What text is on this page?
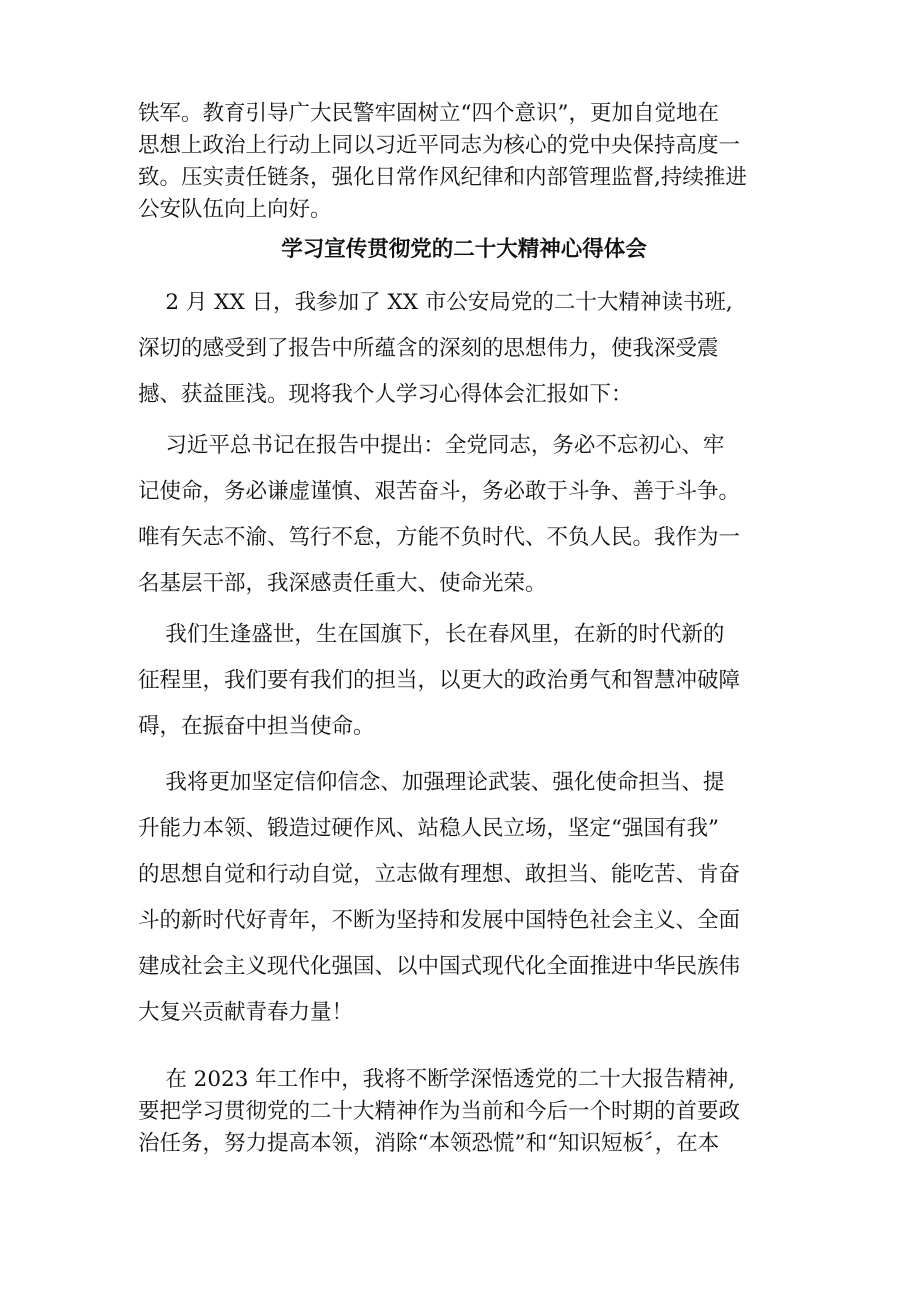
铁军。教育引导广大民警牢固树立“四个意识”，更加自觉地在
思想上政治上行动上同以习近平同志为核心的党中央保持高度一
致。压实责任链条，强化日常作风纪律和内部管理监督,持续推进
公安队伍向上向好。

学习宣传贯彻党的二十大精神心得体会

2 月 XX 日，我参加了 XX 市公安局党的二十大精神读书班,
深切的感受到了报告中所蕴含的深刻的思想伟力，使我深受震
撼、获益匪浅。现将我个人学习心得体会汇报如下：

习近平总书记在报告中提出：全党同志，务必不忘初心、牢
记使命，务必谦虚谨慎、艰苦奋斗，务必敢于斗争、善于斗争。
唯有矢志不渝、笃行不怠，方能不负时代、不负人民。我作为一
名基层干部，我深感责任重大、使命光荣。

我们生逢盛世，生在国旗下，长在春风里，在新的时代新的
征程里，我们要有我们的担当，以更大的政治勇气和智慧冲破障
碍，在振奋中担当使命。

我将更加坚定信仰信念、加强理论武装、强化使命担当、提
升能力本领、锻造过硬作风、站稳人民立场，坚定“强国有我”
的思想自觉和行动自觉，立志做有理想、敢担当、能吃苦、肯奋
斗的新时代好青年，不断为坚持和发展中国特色社会主义、全面
建成社会主义现代化强国、以中国式现代化全面推进中华民族伟
大复兴贡献青春力量！

在 2023 年工作中，我将不断学深悟透党的二十大报告精神,
要把学习贯彻党的二十大精神作为当前和今后一个时期的首要政
治任务，努力提高本领，消除“本领恐慌”和“知识短板〞，在本
